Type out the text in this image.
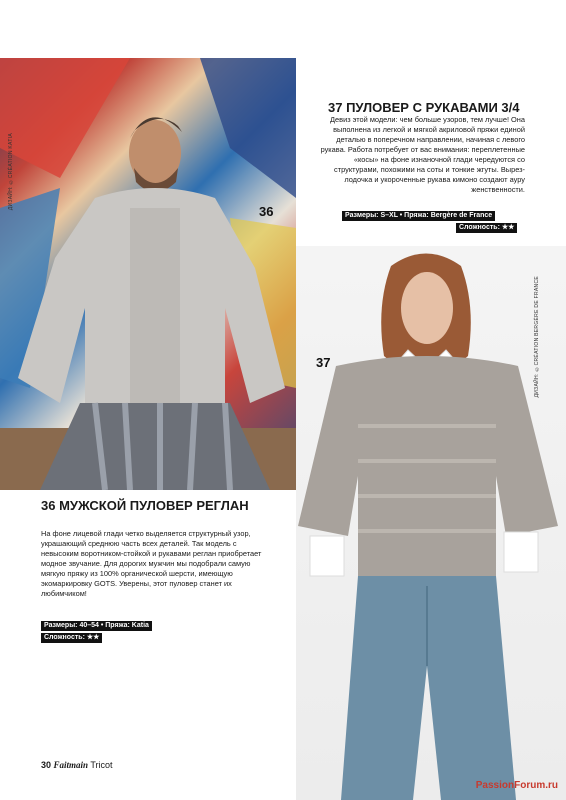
ДИЗАЙН: ©CRÉATION KATIA
36
ДИЗАЙН: ©CRÉATION BERGÈRE DE FRANCE
37
37 ПУЛОВЕР С РУКАВАМИ 3/4

Девиз этой модели: чем больше узоров, тем лучше! Она выполнена из легкой и мягкой акриловой пряжи единой деталью в поперечном направлении, начиная с левого рукава. Работа потребует от вас внимания: переплетенные «косы» на фоне изнаночной глади чередуются со структурами, похожими на соты и тонкие жгуты. Вырез-лодочка и укороченные рукава кимоно создают ауру женственности.

Размеры: S–XL • Пряжа: Bergère de France
Сложность: ★★
36 МУЖСКОЙ ПУЛОВЕР РЕГЛАН

На фоне лицевой глади четко выделяется структурный узор, украшающий среднюю часть всех деталей. Так модель с невысоким воротником-стойкой и рукавами реглан приобретает модное звучание. Для дорогих мужчин мы подобрали самую мягкую пряжу из 100% органической шерсти, имеющую экомаркировку GOTS. Уверены, этот пуловер станет их любимчиком!

Размеры: 40–54 • Пряжа: Katia
Сложность: ★★
30 Faitmain Tricot
PassionForum.ru
